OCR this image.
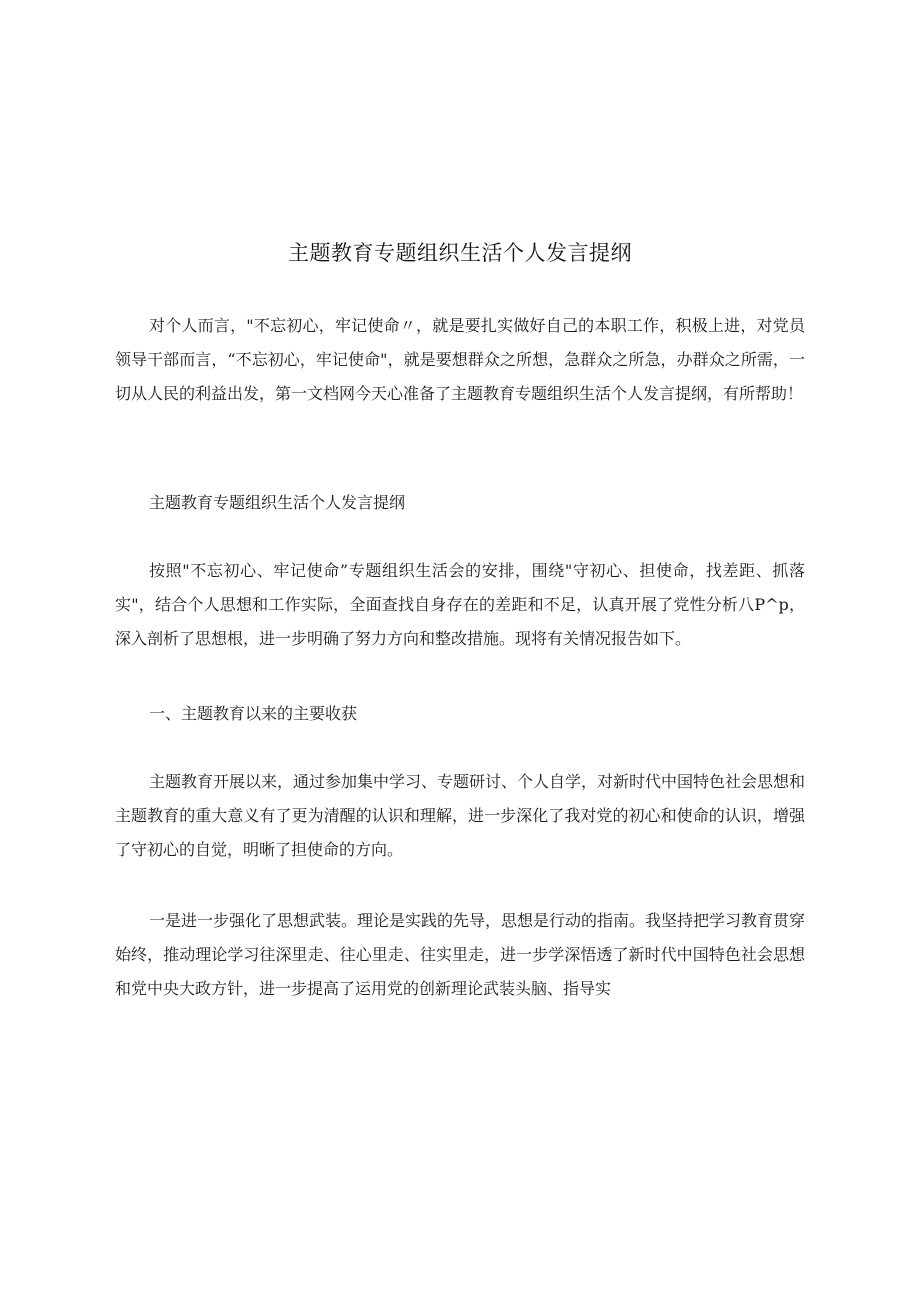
主题教育专题组织生活个人发言提纲

对个人而言，"不忘初心，牢记使命〃，就是要扎实做好自己的本职工作，积极上进，对党员领导干部而言，“不忘初心，牢记使命"，就是要想群众之所想，急群众之所急，办群众之所需，一切从人民的利益出发，第一文档网今天心准备了主题教育专题组织生活个人发言提纲，有所帮助！

主题教育专题组织生活个人发言提纲

按照"不忘初心、牢记使命”专题组织生活会的安排，围绕"守初心、担使命，找差距、抓落实"，结合个人思想和工作实际，全面查找自身存在的差距和不足，认真开展了党性分析八P^p，深入剖析了思想根，进一步明确了努力方向和整改措施。现将有关情况报告如下。

一、主题教育以来的主要收获

主题教育开展以来，通过参加集中学习、专题研讨、个人自学，对新时代中国特色社会思想和主题教育的重大意义有了更为清醒的认识和理解，进一步深化了我对党的初心和使命的认识，增强了守初心的自觉，明晰了担使命的方向。

一是进一步强化了思想武装。理论是实践的先导，思想是行动的指南。我坚持把学习教育贯穿始终，推动理论学习往深里走、往心里走、往实里走，进一步学深悟透了新时代中国特色社会思想和党中央大政方针，进一步提高了运用党的创新理论武装头脑、指导实
